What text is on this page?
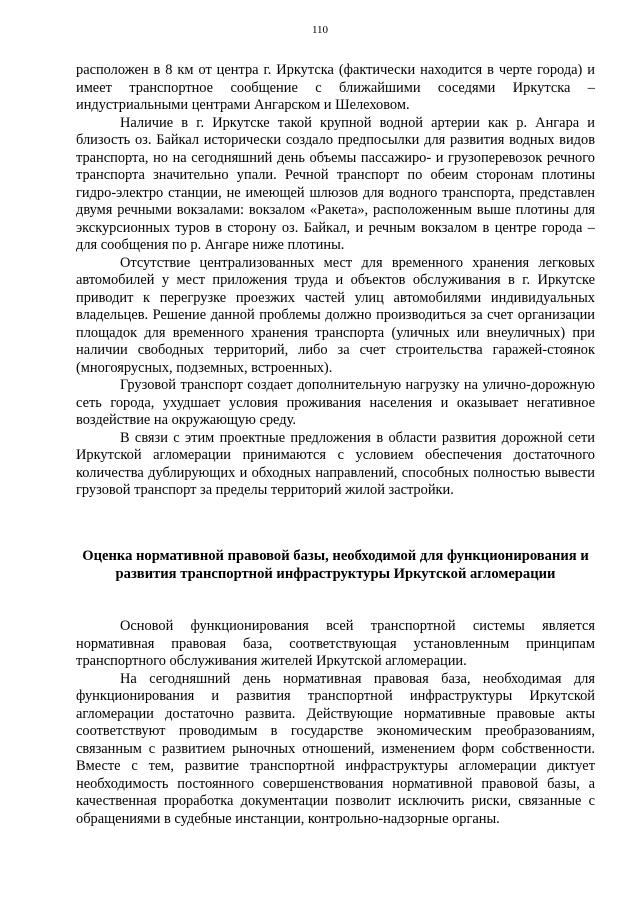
110

расположен в 8 км от центра г. Иркутска (фактически находится в черте города) и имеет транспортное сообщение с ближайшими соседями Иркутска – индустриальными центрами Ангарском и Шелеховом.

Наличие в г. Иркутске такой крупной водной артерии как р. Ангара и близость оз. Байкал исторически создало предпосылки для развития водных видов транспорта, но на сегодняшний день объемы пассажиро- и грузоперевозок речного транспорта значительно упали. Речной транспорт по обеим сторонам плотины гидро-электро станции, не имеющей шлюзов для водного транспорта, представлен двумя речными вокзалами: вокзалом «Ракета», расположенным выше плотины для экскурсионных туров в сторону оз. Байкал, и речным вокзалом в центре города – для сообщения по р. Ангаре ниже плотины.

Отсутствие централизованных мест для временного хранения легковых автомобилей у мест приложения труда и объектов обслуживания в г. Иркутске приводит к перегрузке проезжих частей улиц автомобилями индивидуальных владельцев. Решение данной проблемы должно производиться за счет организации площадок для временного хранения транспорта (уличных или внеуличных) при наличии свободных территорий, либо за счет строительства гаражей-стоянок (многоярусных, подземных, встроенных).

Грузовой транспорт создает дополнительную нагрузку на улично-дорожную сеть города, ухудшает условия проживания населения и оказывает негативное воздействие на окружающую среду.

В связи с этим проектные предложения в области развития дорожной сети Иркутской агломерации принимаются с условием обеспечения достаточного количества дублирующих и обходных направлений, способных полностью вывести грузовой транспорт за пределы территорий жилой застройки.

Оценка нормативной правовой базы, необходимой для функционирования и развития транспортной инфраструктуры Иркутской агломерации

Основой функционирования всей транспортной системы является нормативная правовая база, соответствующая установленным принципам транспортного обслуживания жителей Иркутской агломерации.

На сегодняшний день нормативная правовая база, необходимая для функционирования и развития транспортной инфраструктуры Иркутской агломерации достаточно развита. Действующие нормативные правовые акты соответствуют проводимым в государстве экономическим преобразованиям, связанным с развитием рыночных отношений, изменением форм собственности. Вместе с тем, развитие транспортной инфраструктуры агломерации диктует необходимость постоянного совершенствования нормативной правовой базы, а качественная проработка документации позволит исключить риски, связанные с обращениями в судебные инстанции, контрольно-надзорные органы.
